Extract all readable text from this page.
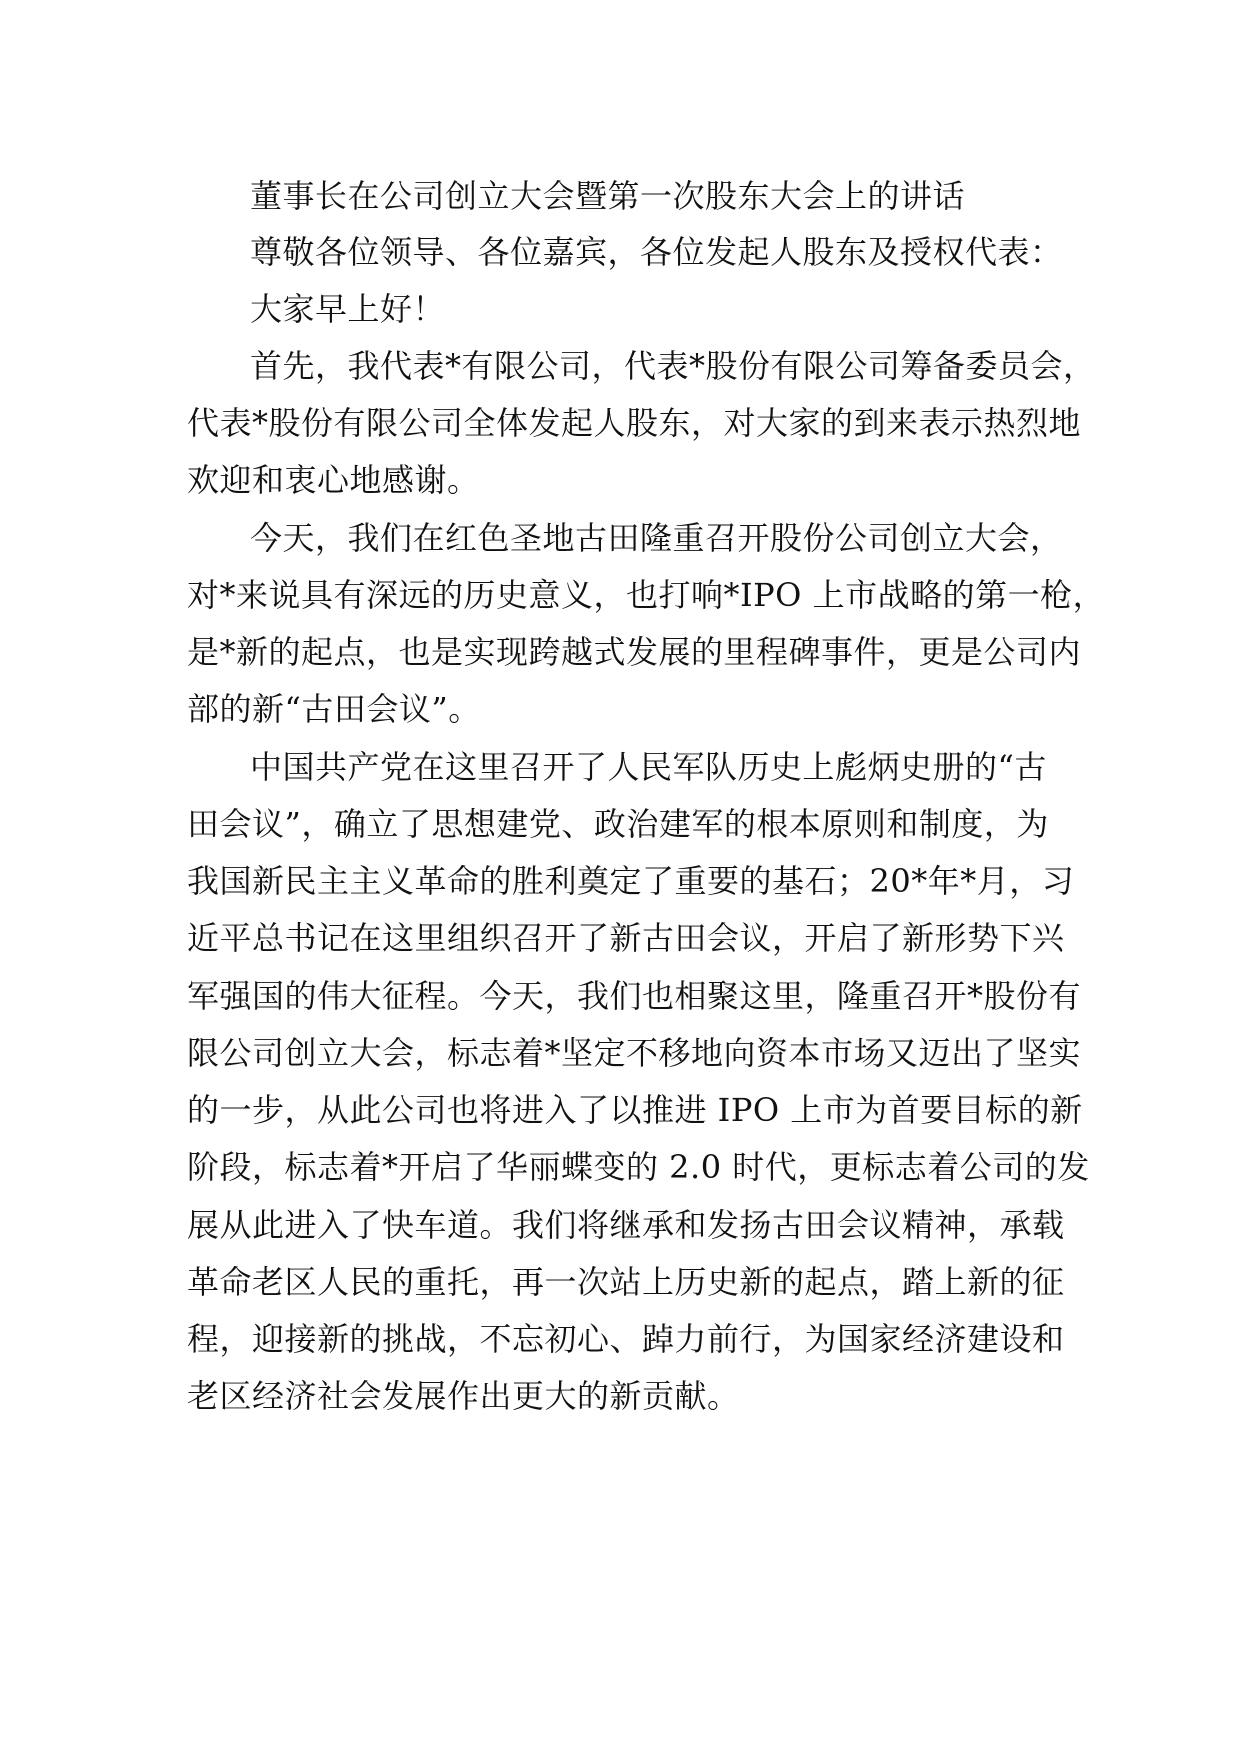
董事长在公司创立大会暨第一次股东大会上的讲话
尊敬各位领导、各位嘉宾，各位发起人股东及授权代表：
大家早上好！
首先，我代表*有限公司，代表*股份有限公司筹备委员会，
代表*股份有限公司全体发起人股东，对大家的到来表示热烈地
欢迎和衷心地感谢。
今天，我们在红色圣地古田隆重召开股份公司创立大会，
对*来说具有深远的历史意义，也打响*IPO 上市战略的第一枪，
是*新的起点，也是实现跨越式发展的里程碑事件，更是公司内
部的新“古田会议”。
中国共产党在这里召开了人民军队历史上彪炳史册的“古
田会议”，确立了思想建党、政治建军的根本原则和制度，为
我国新民主主义革命的胜利奠定了重要的基石；20*年*月，习
近平总书记在这里组织召开了新古田会议，开启了新形势下兴
军强国的伟大征程。今天，我们也相聚这里，隆重召开*股份有
限公司创立大会，标志着*坚定不移地向资本市场又迈出了坚实
的一步，从此公司也将进入了以推进 IPO 上市为首要目标的新
阶段，标志着*开启了华丽蝶变的 2.0 时代，更标志着公司的发
展从此进入了快车道。我们将继承和发扬古田会议精神，承载
革命老区人民的重托，再一次站上历史新的起点，踏上新的征
程，迎接新的挑战，不忘初心、踔力前行，为国家经济建设和
老区经济社会发展作出更大的新贡献。
